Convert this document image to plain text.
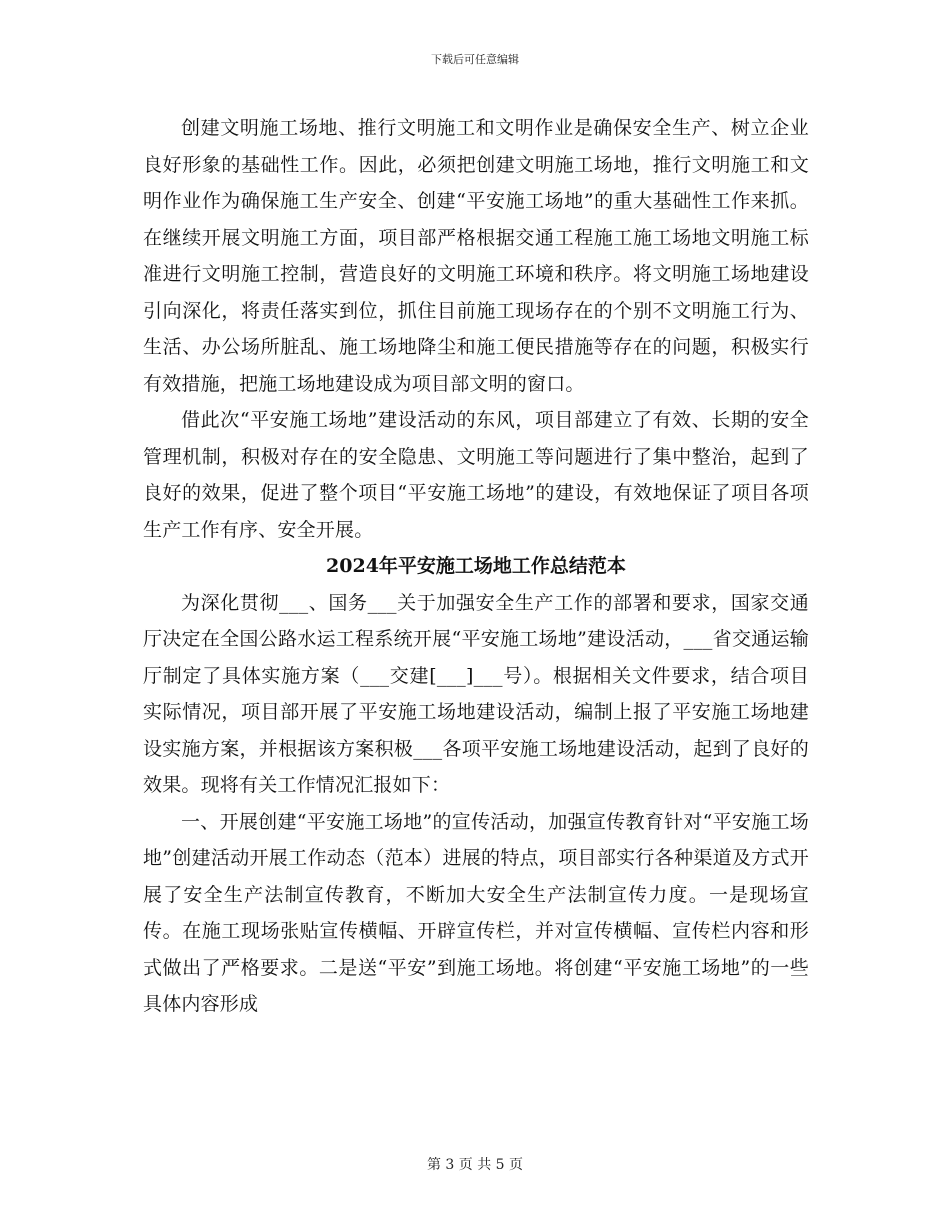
下载后可任意编辑

创建文明施工场地、推行文明施工和文明作业是确保安全生产、树立企业良好形象的基础性工作。因此，必须把创建文明施工场地，推行文明施工和文明作业作为确保施工生产安全、创建“平安施工场地”的重大基础性工作来抓。在继续开展文明施工方面，项目部严格根据交通工程施工施工场地文明施工标准进行文明施工控制，营造良好的文明施工环境和秩序。将文明施工场地建设引向深化，将责任落实到位，抓住目前施工现场存在的个别不文明施工行为、生活、办公场所脏乱、施工场地降尘和施工便民措施等存在的问题，积极实行有效措施，把施工场地建设成为项目部文明的窗口。

借此次“平安施工场地”建设活动的东风，项目部建立了有效、长期的安全管理机制，积极对存在的安全隐患、文明施工等问题进行了集中整治，起到了良好的效果，促进了整个项目“平安施工场地”的建设，有效地保证了项目各项生产工作有序、安全开展。

2024年平安施工场地工作总结范本

为深化贯彻___、国务___关于加强安全生产工作的部署和要求，国家交通厅决定在全国公路水运工程系统开展“平安施工场地”建设活动，___省交通运输厅制定了具体实施方案（___交建[___]___号）。根据相关文件要求，结合项目实际情况，项目部开展了平安施工场地建设活动，编制上报了平安施工场地建设实施方案，并根据该方案积极___各项平安施工场地建设活动，起到了良好的效果。现将有关工作情况汇报如下：

一、开展创建“平安施工场地”的宣传活动，加强宣传教育针对“平安施工场地”创建活动开展工作动态（范本）进展的特点，项目部实行各种渠道及方式开展了安全生产法制宣传教育，不断加大安全生产法制宣传力度。一是现场宣传。在施工现场张贴宣传横幅、开辟宣传栏，并对宣传横幅、宣传栏内容和形式做出了严格要求。二是送“平安”到施工场地。将创建“平安施工场地”的一些具体内容形成

第 3 页 共 5 页
